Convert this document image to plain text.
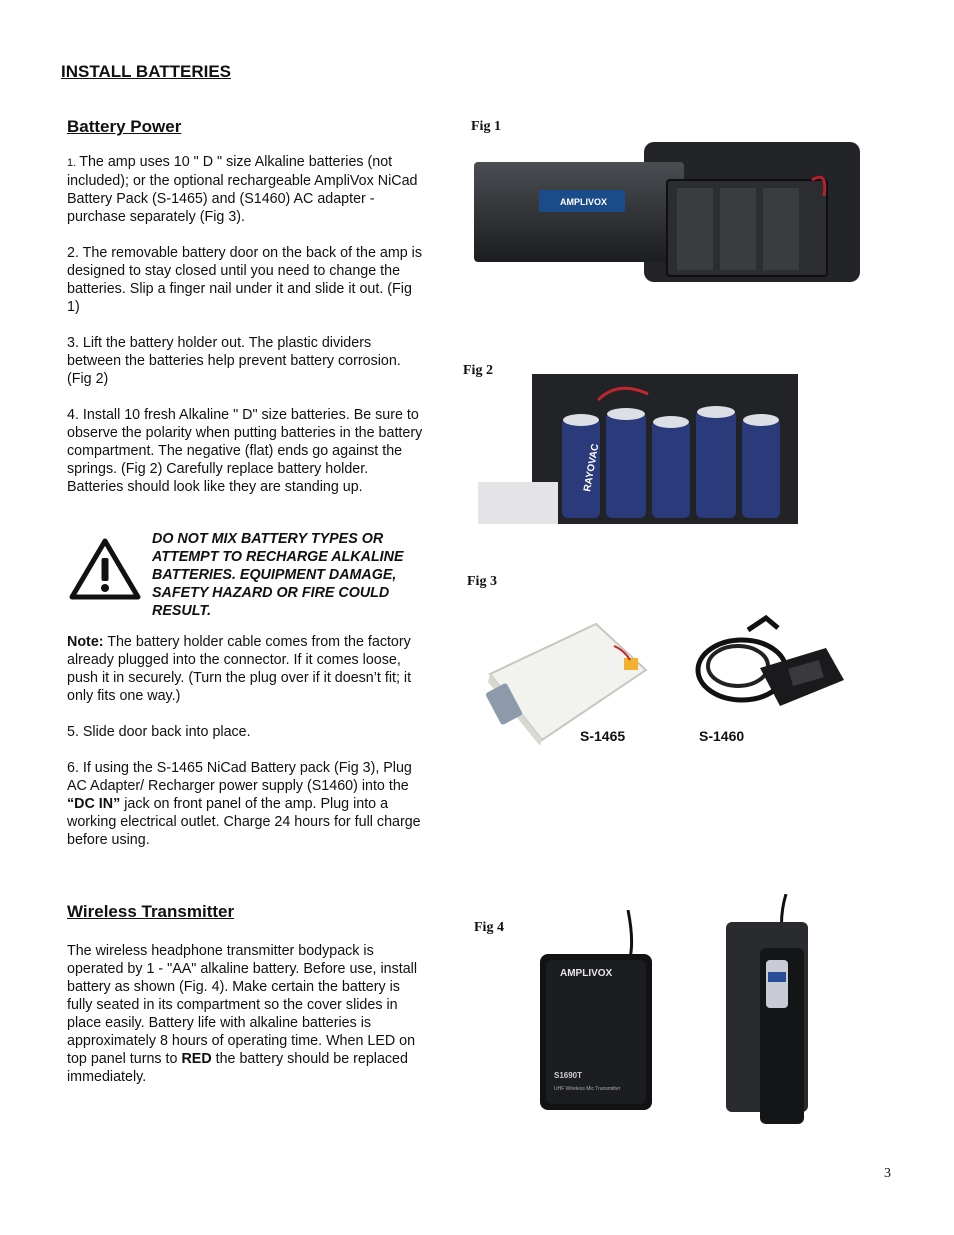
INSTALL BATTERIES
Battery Power

1. The amp uses 10 " D " size Alkaline batteries (not included); or the optional rechargeable AmpliVox NiCad Battery Pack (S-1465) and (S1460) AC adapter -purchase separately (Fig 3).

2. The removable battery door on the back of the amp is designed to stay closed until you need to change the batteries. Slip a finger nail under it and slide it out. (Fig 1)

3. Lift the battery holder out. The plastic dividers between the batteries help prevent battery corrosion. (Fig 2)

4. Install 10 fresh Alkaline " D" size batteries. Be sure to observe the polarity when putting batteries in the battery compartment. The negative (flat) ends go against the springs. (Fig 2) Carefully replace battery holder. Batteries should look like they are standing up.

DO NOT MIX BATTERY TYPES OR ATTEMPT TO RECHARGE ALKALINE BATTERIES. EQUIPMENT DAMAGE, SAFETY HAZARD OR FIRE COULD RESULT.

Note: The battery holder cable comes from the factory already plugged into the connector. If it comes loose, push it in securely. (Turn the plug over if it doesn’t fit; it only fits one way.)

5. Slide door back into place.

6. If using the S-1465 NiCad Battery pack (Fig 3), Plug AC Adapter/ Recharger power supply (S1460) into the “DC IN” jack on front panel of the amp. Plug into a working electrical outlet. Charge 24 hours for full charge before using.

Wireless Transmitter

The wireless headphone transmitter bodypack is operated by 1 - "AA" alkaline battery. Before use, install battery as shown (Fig. 4). Make certain the battery is fully seated in its compartment so the cover slides in place easily. Battery life with alkaline batteries is approximately 8 hours of operating time. When LED on top panel turns to RED the battery should be replaced immediately.

Fig 1
Fig 2
Fig 3
Fig 4
AMPLIVOX
RAYOVAC
S-1465	S-1460
AMPLIVOX
S1690T
UHF Wireless Mic Transmitter
3
